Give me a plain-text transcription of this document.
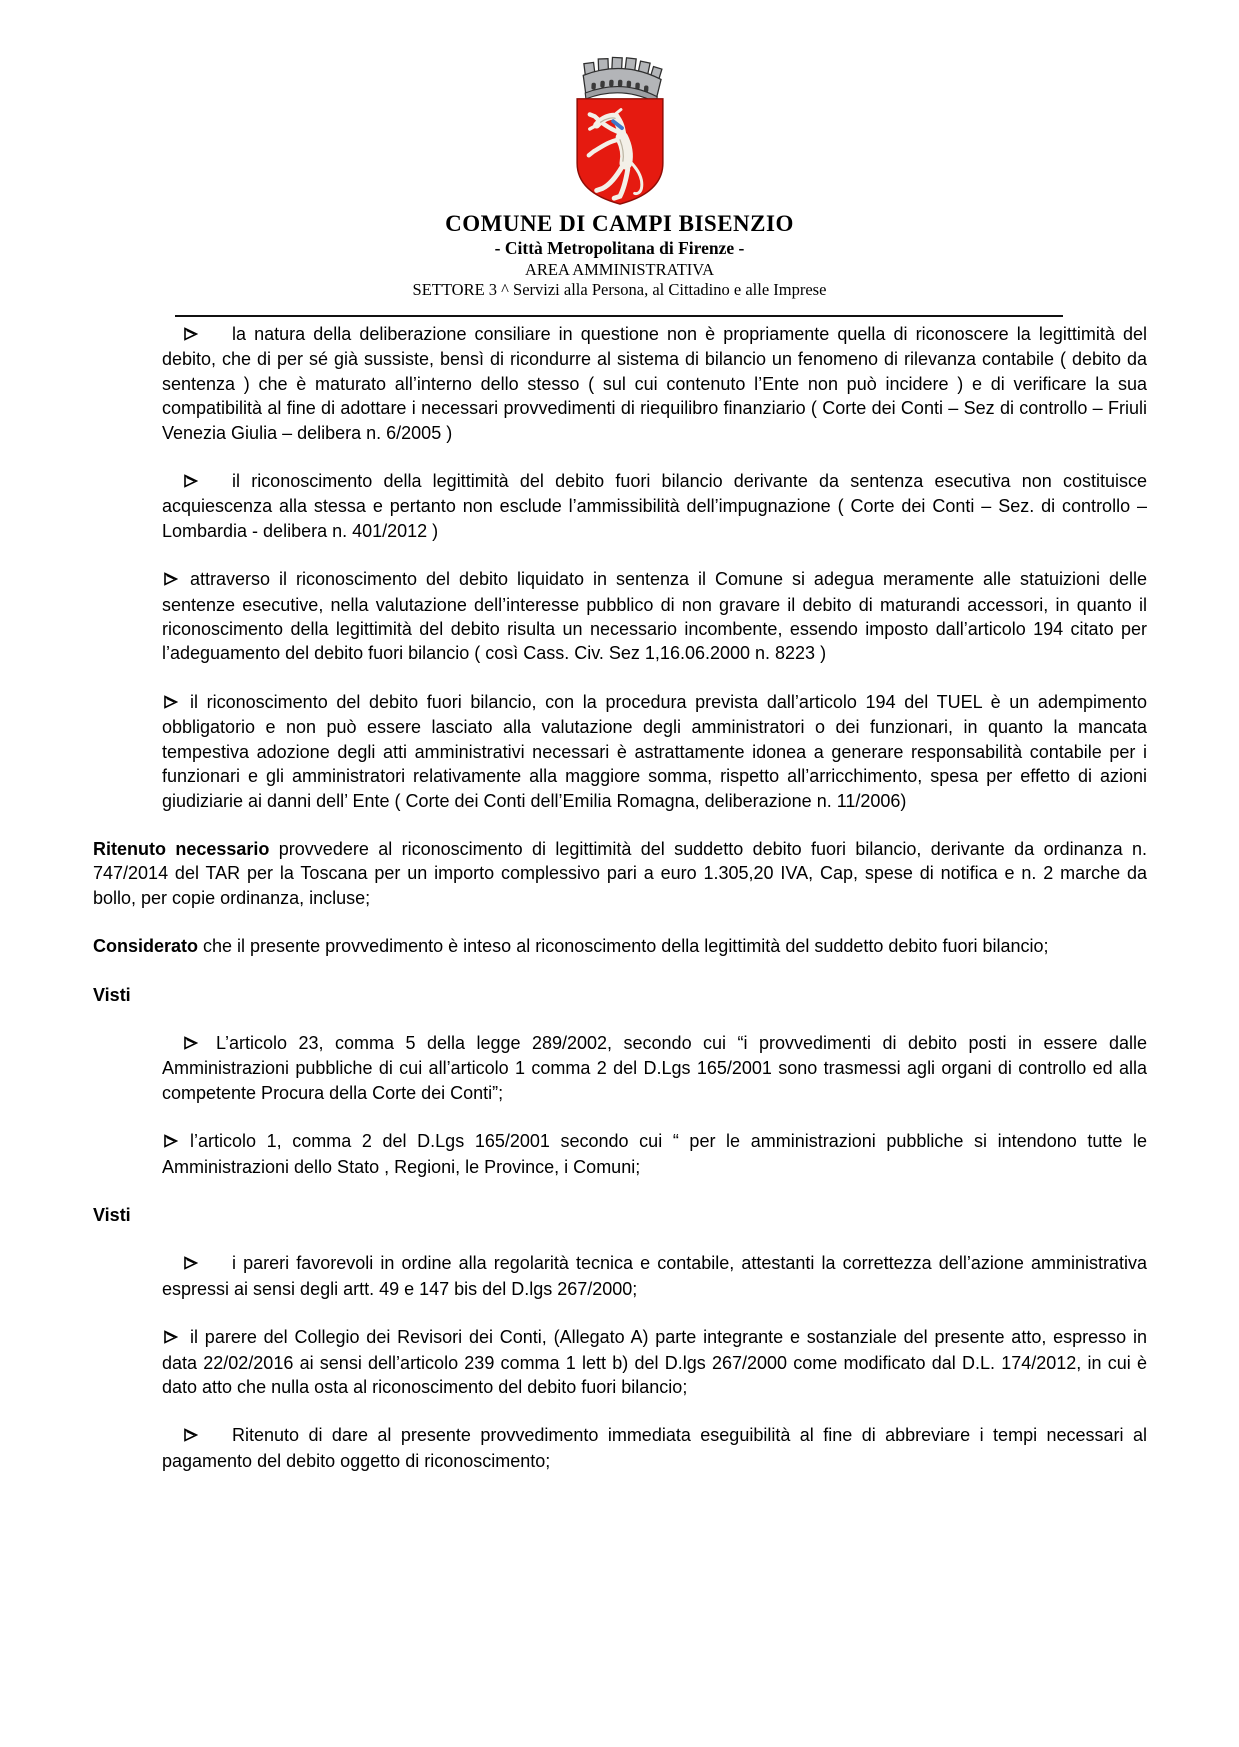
COMUNE DI CAMPI BISENZIO
- Città Metropolitana di Firenze -
AREA AMMINISTRATIVA
SETTORE 3 ^ Servizi alla Persona, al Cittadino e alle Imprese
la natura della deliberazione consiliare in questione non è propriamente quella di riconoscere la legittimità del debito, che di per sé già sussiste, bensì di ricondurre al sistema di bilancio un fenomeno di rilevanza contabile ( debito da sentenza ) che è maturato all’interno dello stesso ( sul cui contenuto l’Ente non può incidere ) e di verificare la sua compatibilità al fine di adottare i necessari provvedimenti di riequilibro finanziario ( Corte dei Conti – Sez di controllo – Friuli Venezia Giulia – delibera n. 6/2005 )
il riconoscimento della legittimità del debito fuori bilancio derivante da sentenza esecutiva non costituisce acquiescenza alla stessa e pertanto non esclude l’ammissibilità dell’impugnazione ( Corte dei Conti – Sez. di controllo – Lombardia - delibera n. 401/2012 )
attraverso il riconoscimento del debito liquidato in sentenza il Comune si adegua meramente alle statuizioni delle sentenze esecutive, nella valutazione dell’interesse pubblico di non gravare il debito di maturandi accessori, in quanto il riconoscimento della legittimità del debito risulta un necessario incombente, essendo imposto dall’articolo 194 citato per l’adeguamento del debito fuori bilancio ( così Cass. Civ. Sez 1,16.06.2000 n. 8223 )
il riconoscimento del debito fuori bilancio, con la procedura prevista dall’articolo 194 del TUEL è un adempimento obbligatorio e non può essere lasciato alla valutazione degli amministratori o dei funzionari, in quanto la mancata tempestiva adozione degli atti amministrativi necessari è astrattamente idonea a generare responsabilità contabile per i funzionari e gli amministratori relativamente alla maggiore somma, rispetto all’arricchimento, spesa per effetto di azioni giudiziarie ai danni dell’ Ente ( Corte dei Conti dell’Emilia Romagna, deliberazione n. 11/2006)
Ritenuto necessario provvedere al riconoscimento di legittimità del suddetto debito fuori bilancio, derivante da ordinanza n. 747/2014 del TAR per la Toscana per un importo complessivo pari a euro 1.305,20 IVA, Cap, spese di notifica e n. 2 marche da bollo, per copie ordinanza, incluse;
Considerato che il presente provvedimento è inteso al riconoscimento della legittimità del suddetto debito fuori bilancio;
Visti
L’articolo 23, comma 5 della legge 289/2002, secondo cui “i provvedimenti di debito posti in essere dalle Amministrazioni pubbliche di cui all’articolo 1 comma 2 del D.Lgs 165/2001 sono trasmessi agli organi di controllo ed alla competente Procura della Corte dei Conti”;
l’articolo 1, comma 2 del D.Lgs 165/2001 secondo cui “ per le amministrazioni pubbliche si intendono tutte le Amministrazioni dello Stato , Regioni, le Province, i Comuni;
Visti
i pareri favorevoli in ordine alla regolarità tecnica e contabile, attestanti la correttezza dell’azione amministrativa espressi ai sensi degli artt. 49 e 147 bis del D.lgs 267/2000;
il parere del Collegio dei Revisori dei Conti, (Allegato A) parte integrante e sostanziale del presente atto, espresso in data 22/02/2016 ai sensi dell’articolo 239 comma 1 lett b) del D.lgs 267/2000 come modificato dal D.L. 174/2012, in cui è dato atto che nulla osta al riconoscimento del debito fuori bilancio;
Ritenuto di dare al presente provvedimento immediata eseguibilità al fine di abbreviare i tempi necessari al pagamento del debito oggetto di riconoscimento;
